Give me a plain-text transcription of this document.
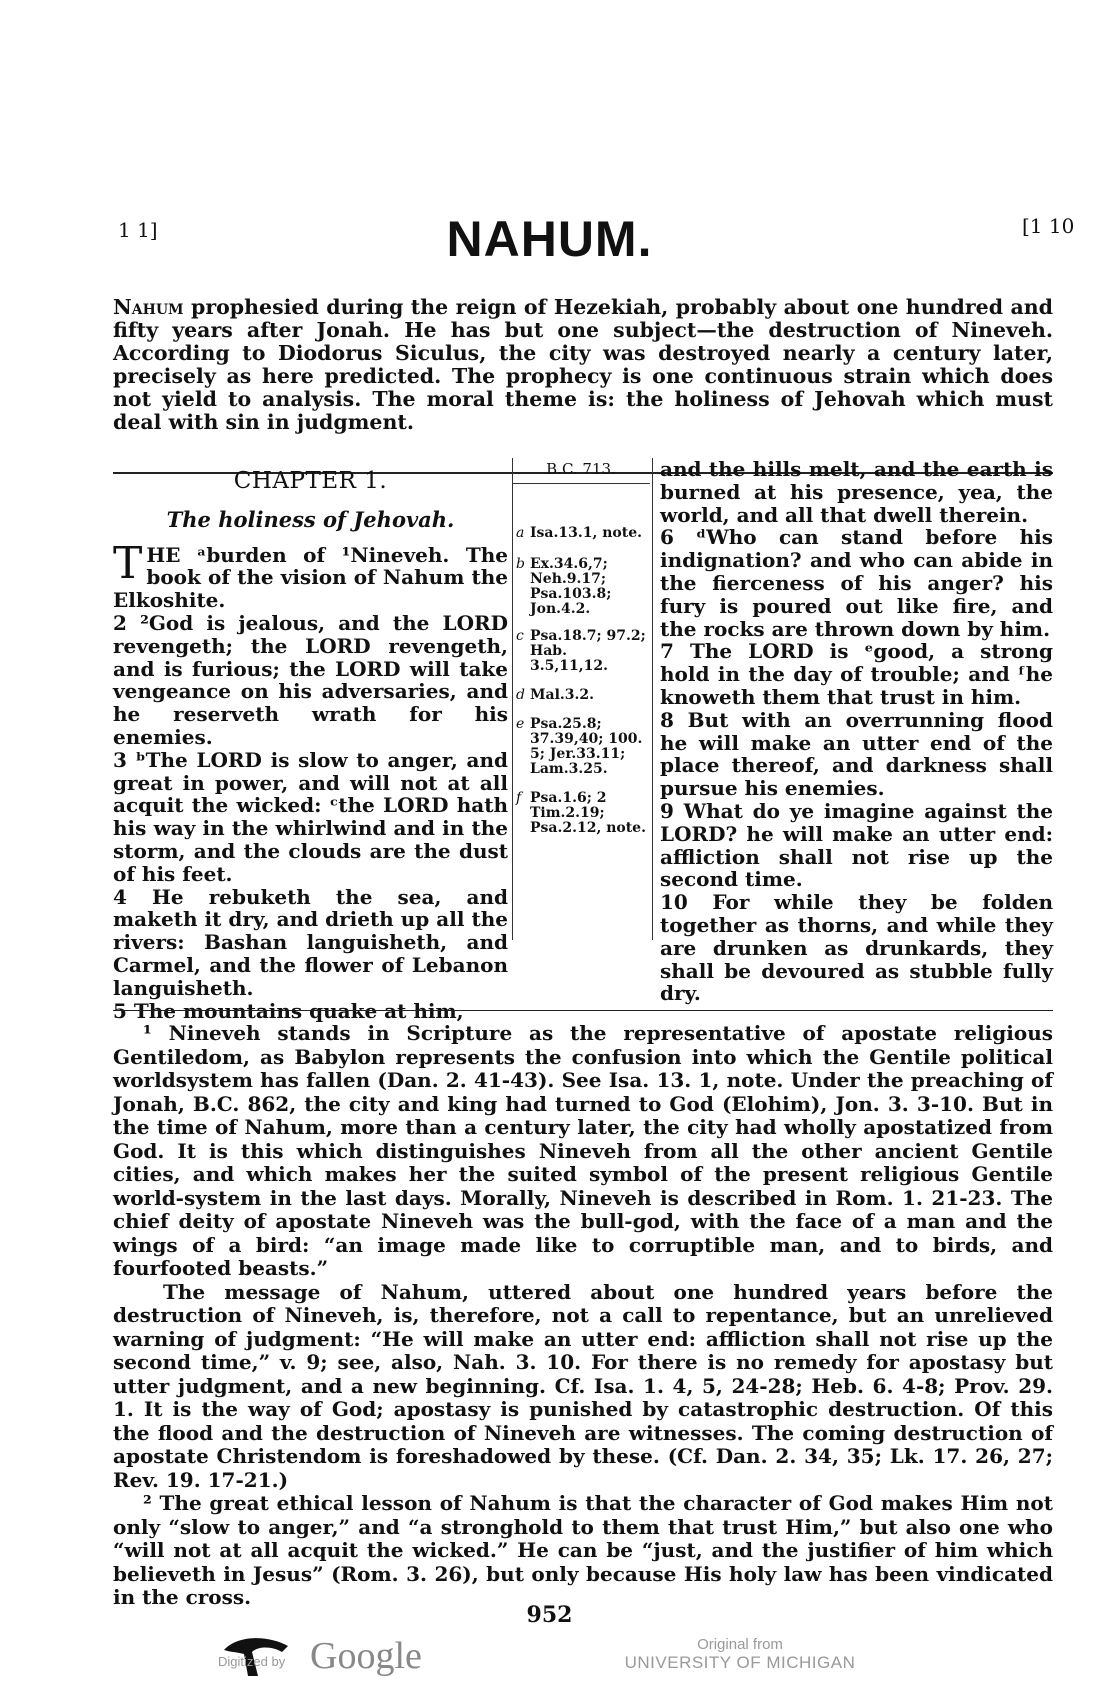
1 1]	NAHUM.	[1 10
Nahum prophesied during the reign of Hezekiah, probably about one hundred and fifty years after Jonah. He has but one subject—the destruction of Nineveh. According to Diodorus Siculus, the city was destroyed nearly a century later, precisely as here predicted. The prophecy is one continuous strain which does not yield to analysis. The moral theme is: the holiness of Jehovah which must deal with sin in judgment.
CHAPTER 1.
The holiness of Jehovah.
THE ᵃburden of ¹Nineveh. The book of the vision of Nahum the Elkoshite.
2 ²God is jealous, and the LORD revengeth; the LORD revengeth, and is furious; the LORD will take vengeance on his adversaries, and he reserveth wrath for his enemies.
3 ᵇThe LORD is slow to anger, and great in power, and will not at all acquit the wicked: ᶜthe LORD hath his way in the whirlwind and in the storm, and the clouds are the dust of his feet.
4 He rebuketh the sea, and maketh it dry, and drieth up all the rivers: Bashan languisheth, and Carmel, and the flower of Lebanon languisheth.
5 The mountains quake at him,
B.C. 713.
a Isa.13.1, note.
b Ex.34.6,7; Neh.9.17; Psa.103.8; Jon.4.2.
c Psa.18.7; 97.2; Hab. 3.5,11,12.
d Mal.3.2.
e Psa.25.8; 37.39,40; 100. 5; Jer.33.11; Lam.3.25.
f Psa.1.6; 2 Tim.2.19; Psa.2.12, note.
and the hills melt, and the earth is burned at his presence, yea, the world, and all that dwell therein.
6 ᵈWho can stand before his indignation? and who can abide in the fierceness of his anger? his fury is poured out like fire, and the rocks are thrown down by him.
7 The LORD is ᵉgood, a strong hold in the day of trouble; and ᶠhe knoweth them that trust in him.
8 But with an overrunning flood he will make an utter end of the place thereof, and darkness shall pursue his enemies.
9 What do ye imagine against the LORD? he will make an utter end: affliction shall not rise up the second time.
10 For while they be folden together as thorns, and while they are drunken as drunkards, they shall be devoured as stubble fully dry.

¹ Nineveh stands in Scripture as the representative of apostate religious Gentiledom, as Babylon represents the confusion into which the Gentile political worldsystem has fallen (Dan. 2. 41-43). See Isa. 13. 1, note. Under the preaching of Jonah, B.C. 862, the city and king had turned to God (Elohim), Jon. 3. 3-10. But in the time of Nahum, more than a century later, the city had wholly apostatized from God. It is this which distinguishes Nineveh from all the other ancient Gentile cities, and which makes her the suited symbol of the present religious Gentile world-system in the last days. Morally, Nineveh is described in Rom. 1. 21-23. The chief deity of apostate Nineveh was the bull-god, with the face of a man and the wings of a bird: “an image made like to corruptible man, and to birds, and fourfooted beasts.”

The message of Nahum, uttered about one hundred years before the destruction of Nineveh, is, therefore, not a call to repentance, but an unrelieved warning of judgment: “He will make an utter end: affliction shall not rise up the second time,” v. 9; see, also, Nah. 3. 10. For there is no remedy for apostasy but utter judgment, and a new beginning. Cf. Isa. 1. 4, 5, 24-28; Heb. 6. 4-8; Prov. 29. 1. It is the way of God; apostasy is punished by catastrophic destruction. Of this the flood and the destruction of Nineveh are witnesses. The coming destruction of apostate Christendom is foreshadowed by these. (Cf. Dan. 2. 34, 35; Lk. 17. 26, 27; Rev. 19. 17-21.)

² The great ethical lesson of Nahum is that the character of God makes Him not only “slow to anger,” and “a stronghold to them that trust Him,” but also one who “will not at all acquit the wicked.” He can be “just, and the justifier of him which believeth in Jesus” (Rom. 3. 26), but only because His holy law has been vindicated in the cross.

952
Digitized by Google	Original from
UNIVERSITY OF MICHIGAN
